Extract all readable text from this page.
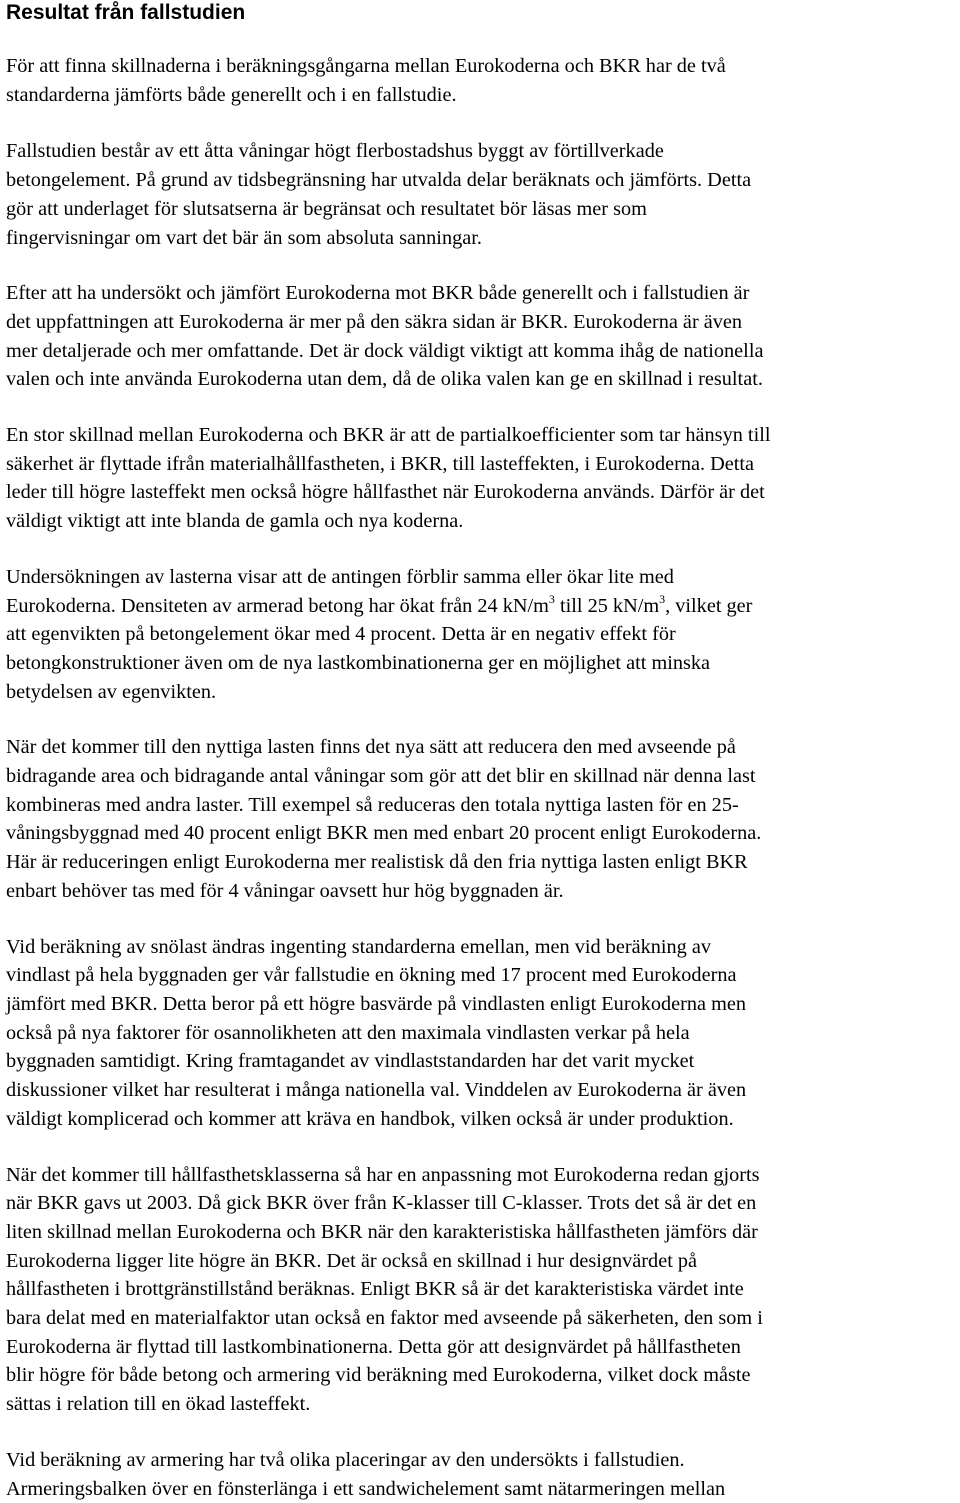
Resultat från fallstudien

För att finna skillnaderna i beräkningsgångarna mellan Eurokoderna och BKR har de två
standarderna jämförts både generellt och i en fallstudie.

Fallstudien består av ett åtta våningar högt flerbostadshus byggt av förtillverkade
betongelement. På grund av tidsbegränsning har utvalda delar beräknats och jämförts. Detta
gör att underlaget för slutsatserna är begränsat och resultatet bör läsas mer som
fingervisningar om vart det bär än som absoluta sanningar.

Efter att ha undersökt och jämfört Eurokoderna mot BKR både generellt och i fallstudien är
det uppfattningen att Eurokoderna är mer på den säkra sidan är BKR. Eurokoderna är även
mer detaljerade och mer omfattande. Det är dock väldigt viktigt att komma ihåg de nationella
valen och inte använda Eurokoderna utan dem, då de olika valen kan ge en skillnad i resultat.

En stor skillnad mellan Eurokoderna och BKR är att de partialkoefficienter som tar hänsyn till
säkerhet är flyttade ifrån materialhållfastheten, i BKR, till lasteffekten, i Eurokoderna. Detta
leder till högre lasteffekt men också högre hållfasthet när Eurokoderna används. Därför är det
väldigt viktigt att inte blanda de gamla och nya koderna.

Undersökningen av lasterna visar att de antingen förblir samma eller ökar lite med
Eurokoderna. Densiteten av armerad betong har ökat från 24 $kN/m^3$ till 25 $kN/m^3$, vilket ger
att egenvikten på betongelement ökar med 4 procent. Detta är en negativ effekt för
betongkonstruktioner även om de nya lastkombinationerna ger en möjlighet att minska
betydelsen av egenvikten.

När det kommer till den nyttiga lasten finns det nya sätt att reducera den med avseende på
bidragande area och bidragande antal våningar som gör att det blir en skillnad när denna last
kombineras med andra laster. Till exempel så reduceras den totala nyttiga lasten för en 25-
våningsbyggnad med 40 procent enligt BKR men med enbart 20 procent enligt Eurokoderna.
Här är reduceringen enligt Eurokoderna mer realistisk då den fria nyttiga lasten enligt BKR
enbart behöver tas med för 4 våningar oavsett hur hög byggnaden är.

Vid beräkning av snölast ändras ingenting standarderna emellan, men vid beräkning av
vindlast på hela byggnaden ger vår fallstudie en ökning med 17 procent med Eurokoderna
jämfört med BKR. Detta beror på ett högre basvärde på vindlasten enligt Eurokoderna men
också på nya faktorer för osannolikheten att den maximala vindlasten verkar på hela
byggnaden samtidigt. Kring framtagandet av vindlaststandarden har det varit mycket
diskussioner vilket har resulterat i många nationella val. Vinddelen av Eurokoderna är även
väldigt komplicerad och kommer att kräva en handbok, vilken också är under produktion.

När det kommer till hållfasthetsklasserna så har en anpassning mot Eurokoderna redan gjorts
när BKR gavs ut 2003. Då gick BKR över från K-klasser till C-klasser. Trots det så är det en
liten skillnad mellan Eurokoderna och BKR när den karakteristiska hållfastheten jämförs där
Eurokoderna ligger lite högre än BKR. Det är också en skillnad i hur designvärdet på
hållfastheten i brottgränstillstånd beräknas. Enligt BKR så är det karakteristiska värdet inte
bara delat med en materialfaktor utan också en faktor med avseende på säkerheten, den som i
Eurokoderna är flyttad till lastkombinationerna. Detta gör att designvärdet på hållfastheten
blir högre för både betong och armering vid beräkning med Eurokoderna, vilket dock måste
sättas i relation till en ökad lasteffekt.

Vid beräkning av armering har två olika placeringar av den undersökts i fallstudien.
Armeringsbalken över en fönsterlänga i ett sandwichelement samt nätarmeringen mellan
